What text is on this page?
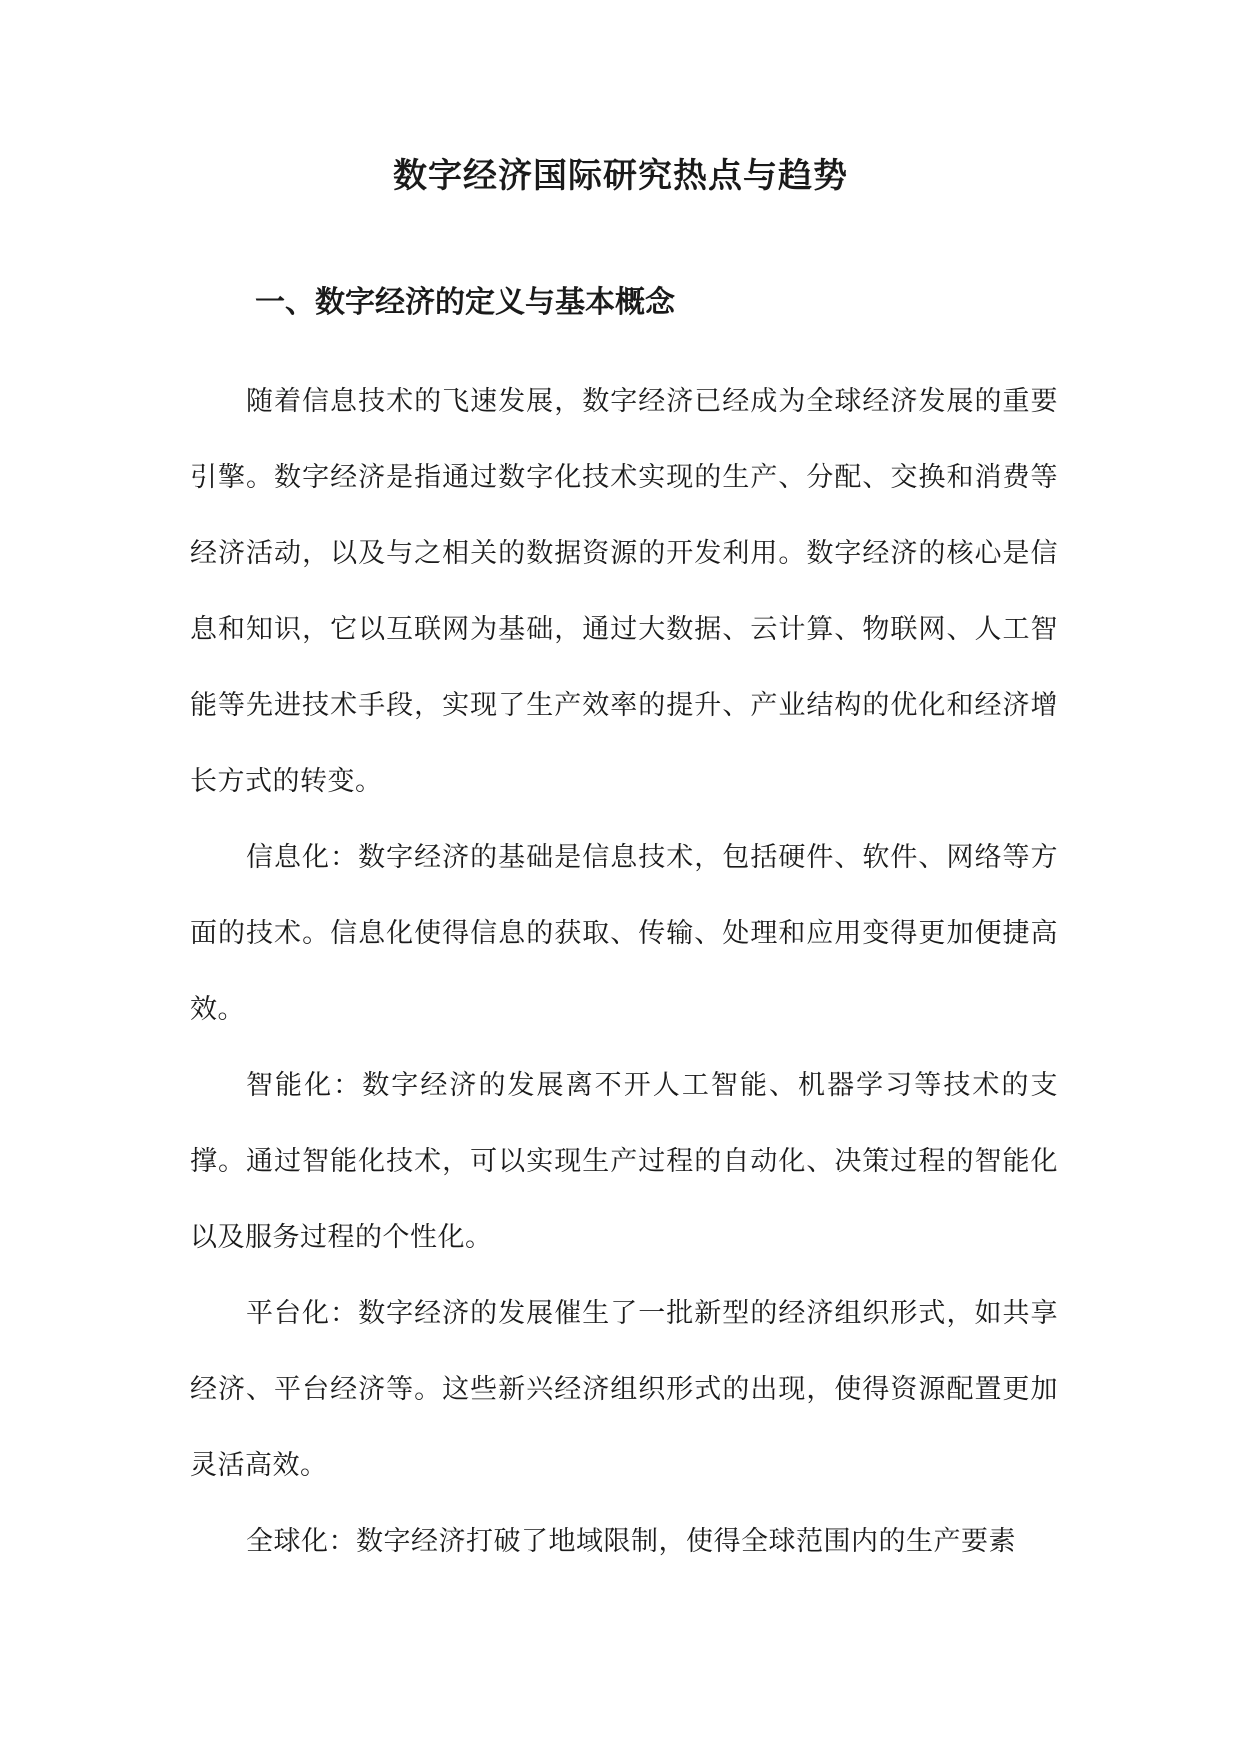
数字经济国际研究热点与趋势
一、数字经济的定义与基本概念

随着信息技术的飞速发展，数字经济已经成为全球经济发展的重要引擎。数字经济是指通过数字化技术实现的生产、分配、交换和消费等经济活动，以及与之相关的数据资源的开发利用。数字经济的核心是信息和知识，它以互联网为基础，通过大数据、云计算、物联网、人工智能等先进技术手段，实现了生产效率的提升、产业结构的优化和经济增长方式的转变。

信息化：数字经济的基础是信息技术，包括硬件、软件、网络等方面的技术。信息化使得信息的获取、传输、处理和应用变得更加便捷高效。

智能化：数字经济的发展离不开人工智能、机器学习等技术的支撑。通过智能化技术，可以实现生产过程的自动化、决策过程的智能化以及服务过程的个性化。

平台化：数字经济的发展催生了一批新型的经济组织形式，如共享经济、平台经济等。这些新兴经济组织形式的出现，使得资源配置更加灵活高效。

全球化：数字经济打破了地域限制，使得全球范围内的生产要素
